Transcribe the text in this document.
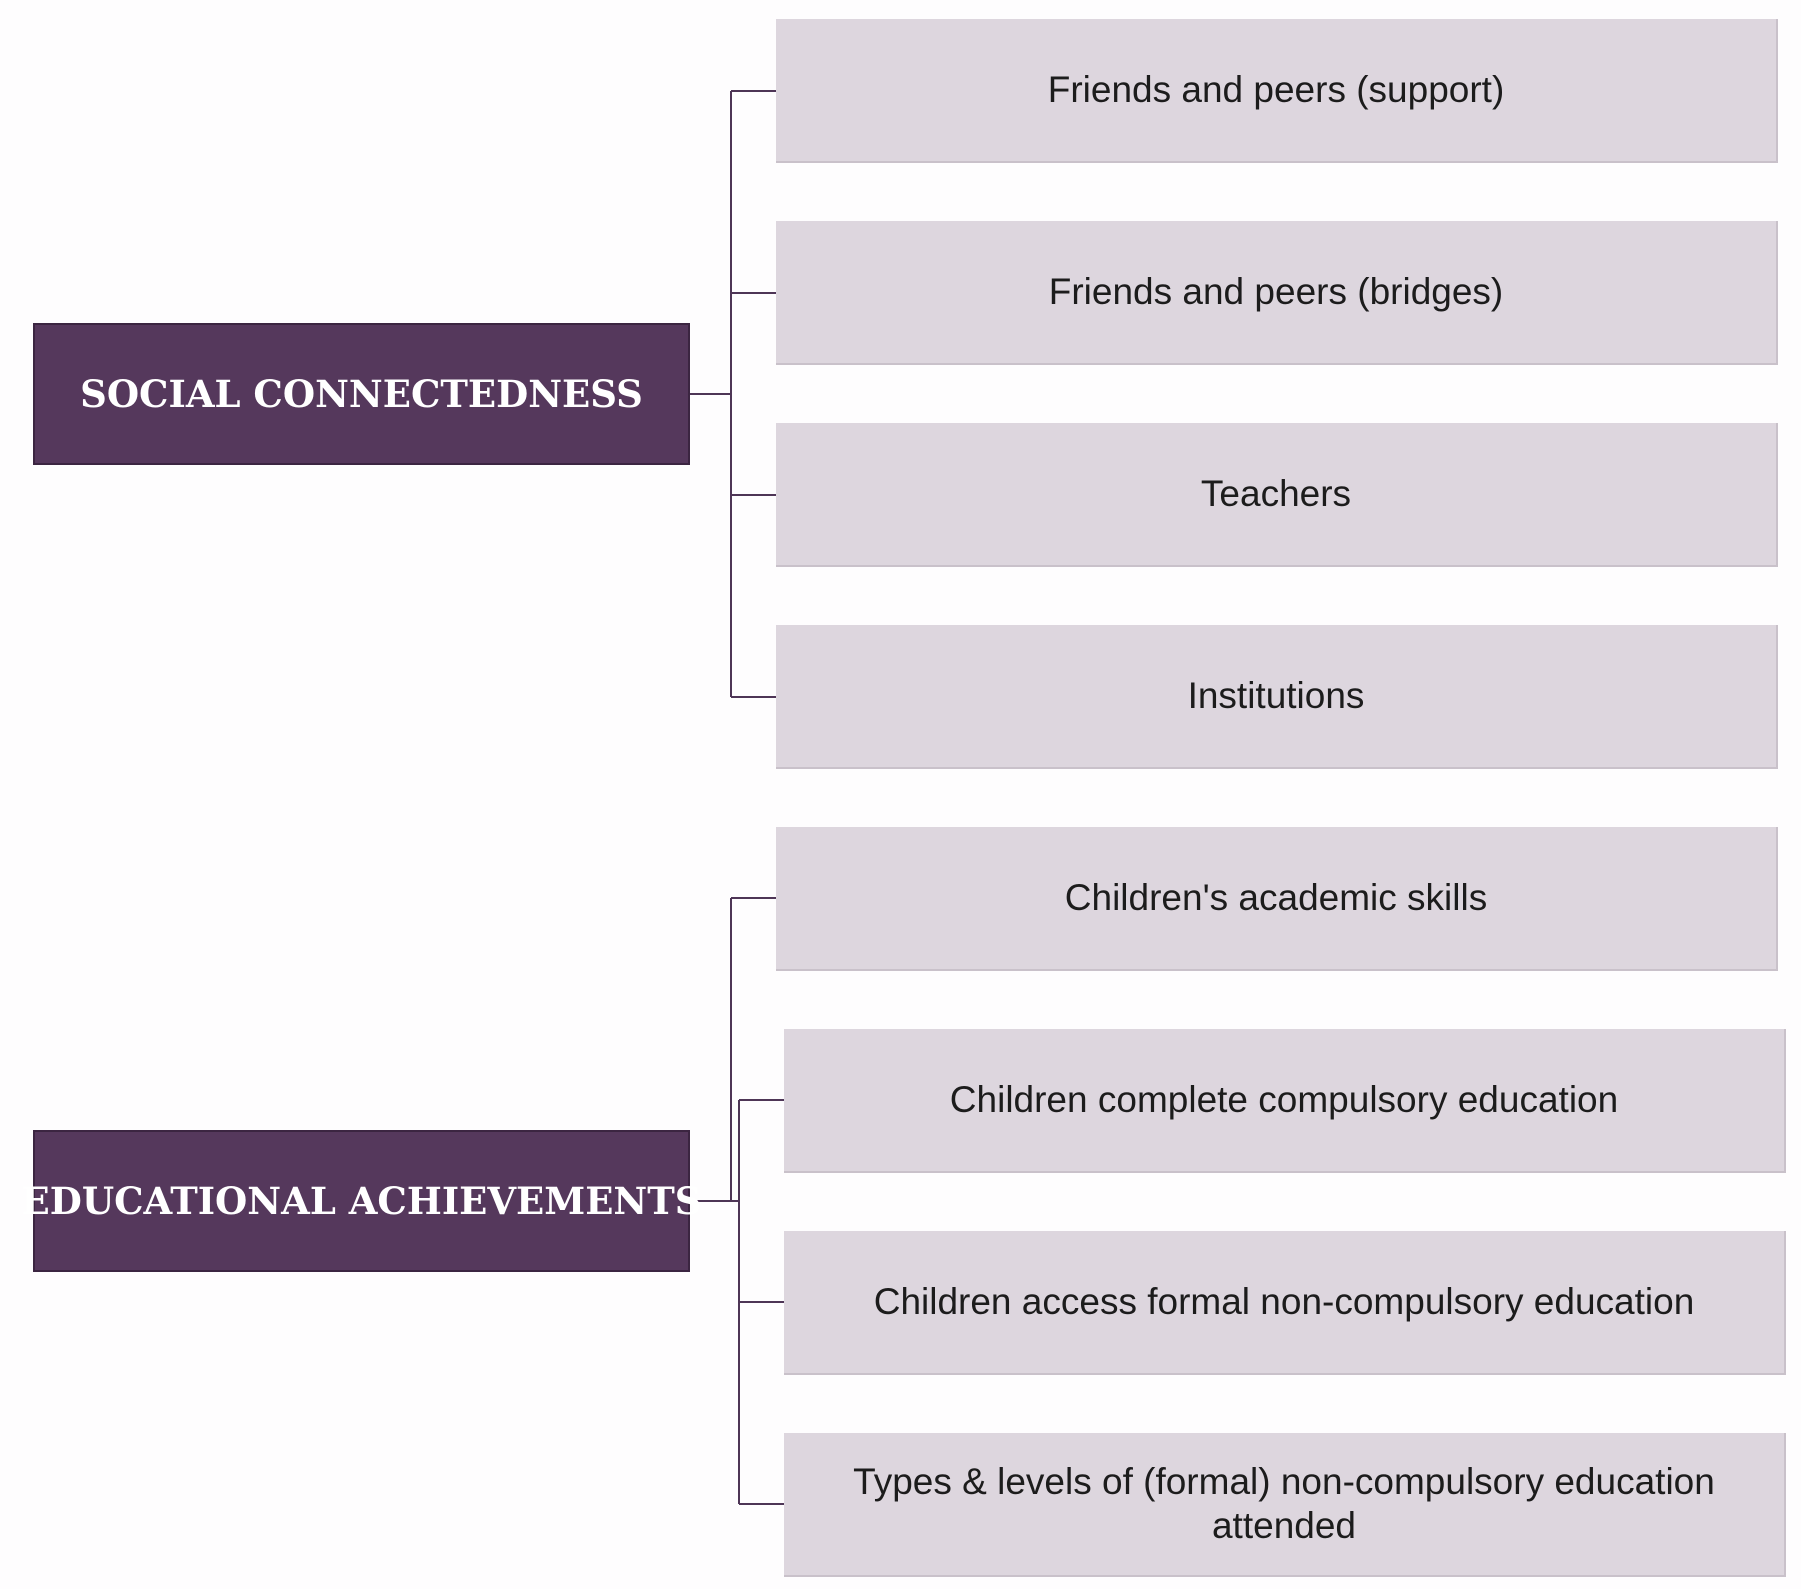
SOCIAL CONNECTEDNESS
Friends and peers (support)
Friends and peers (bridges)
Teachers
Institutions
EDUCATIONAL ACHIEVEMENTS
Children's academic skills
Children complete compulsory education
Children access formal non-compulsory education
Types & levels of (formal) non-compulsory education attended
